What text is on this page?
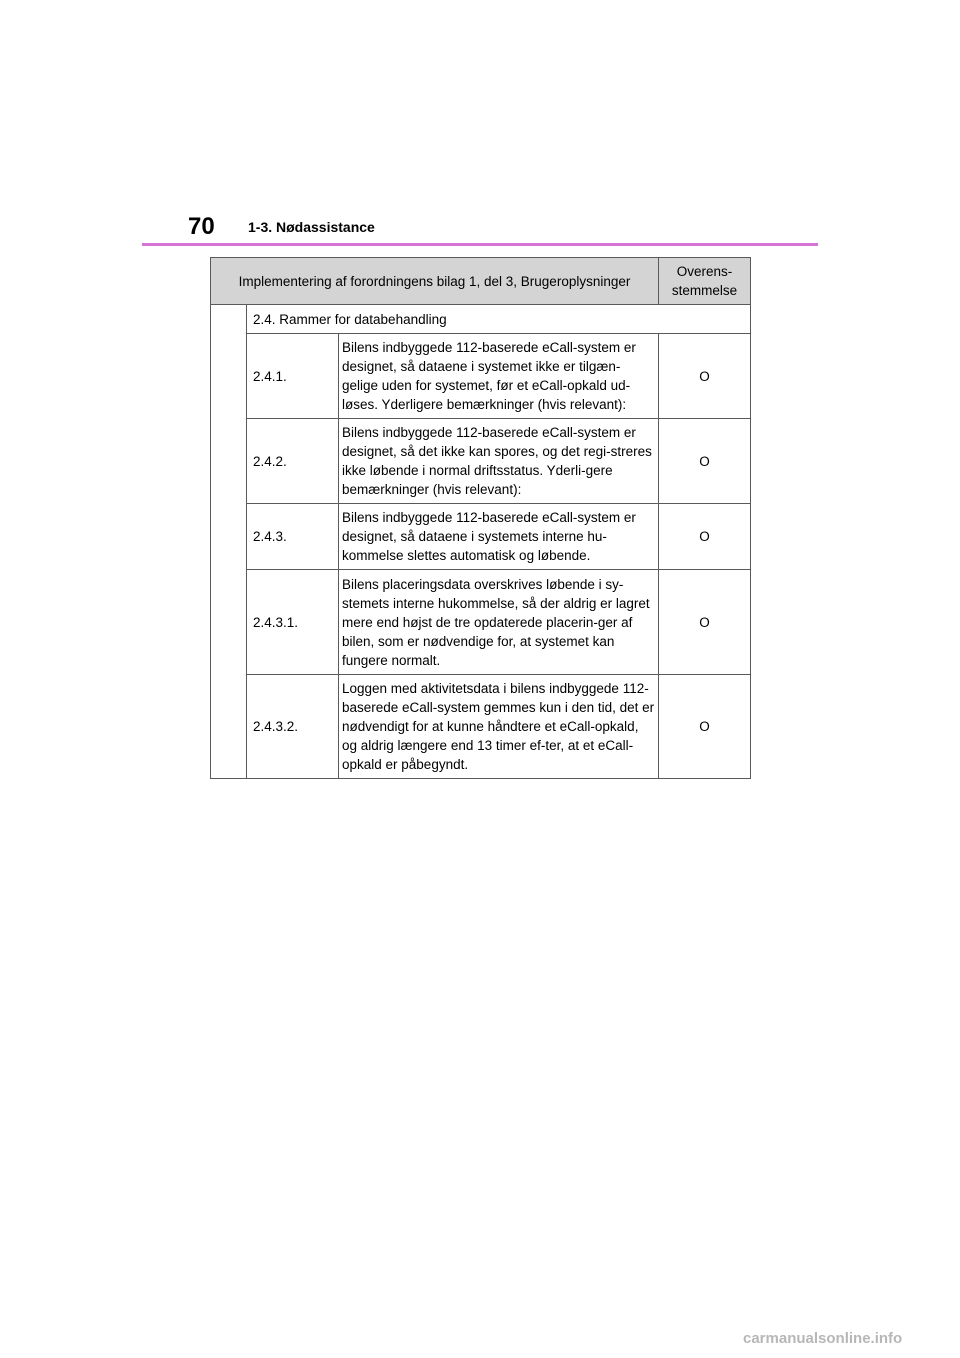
70 1-3. Nødassistance
Implementering af forordningens bilag 1, del 3, Brugeroplysninger			Overens-
stemmelse
	2.4. Rammer for databehandling		
	2.4.1.	Bilens indbyggede 112-baserede eCall-system er designet, så dataene i systemet ikke er tilgæn-gelige uden for systemet, før et eCall-opkald ud-løses. Yderligere bemærkninger (hvis relevant):	O
	2.4.2.	Bilens indbyggede 112-baserede eCall-system er designet, så det ikke kan spores, og det regi-streres ikke løbende i normal driftsstatus. Yderli-gere bemærkninger (hvis relevant):	O
	2.4.3.	Bilens indbyggede 112-baserede eCall-system er designet, så dataene i systemets interne hu-kommelse slettes automatisk og løbende.	O
	2.4.3.1.	Bilens placeringsdata overskrives løbende i sy-stemets interne hukommelse, så der aldrig er lagret mere end højst de tre opdaterede placerin-ger af bilen, som er nødvendige for, at systemet kan fungere normalt.	O
	2.4.3.2.	Loggen med aktivitetsdata i bilens indbyggede 112-baserede eCall-system gemmes kun i den tid, det er nødvendigt for at kunne håndtere et eCall-opkald, og aldrig længere end 13 timer ef-ter, at et eCall-opkald er påbegyndt.	O
carmanualsonline.info
